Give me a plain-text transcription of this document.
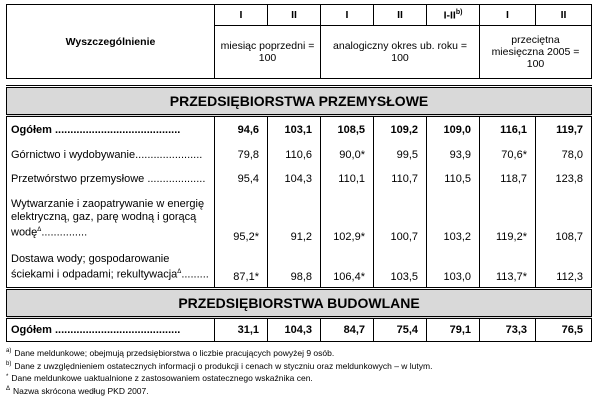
Wyszczególnienie	I	II	I	II	I-II$^{b)}$	I	II
	miesiąc poprzedni = 100		analogiczny okres ub. roku = 100			przeciętna miesięczna 2005 = 100	

PRZEDSIĘBIORSTWA PRZEMYSŁOWE							
Ogółem .........................................	94,6	103,1	108,5	109,2	109,0	116,1	119,7
Górnictwo i wydobywanie......................	79,8	110,6	90,0*	99,5	93,9	70,6*	78,0
Przetwórstwo przemysłowe ...................	95,4	104,3	110,1	110,7	110,5	118,7	123,8
Wytwarzanie i zaopatrywanie w energię elektryczną, gaz, parę wodną i gorącą wodę$^\Delta$...............	95,2*	91,2	102,9*	100,7	103,2	119,2*	108,7
Dostawa wody; gospodarowanie ściekami i odpadami; rekultywacja$^\Delta$.........	87,1*	98,8	106,4*	103,5	103,0	113,7*	112,3
PRZEDSIĘBIORSTWA BUDOWLANE							
Ogółem .........................................	31,1	104,3	84,7	75,4	79,1	73,3	76,5
$^{a)}$ Dane meldunkowe; obejmują przedsiębiorstwa o liczbie pracujących powyżej 9 osób.
$^{b)}$ Dane z uwzględnieniem ostatecznych informacji o produkcji i cenach w styczniu oraz meldunkowych – w lutym.
* Dane meldunkowe uaktualnione z zastosowaniem ostatecznego wskaźnika cen.
$^\Delta$ Nazwa skrócona według PKD 2007.
